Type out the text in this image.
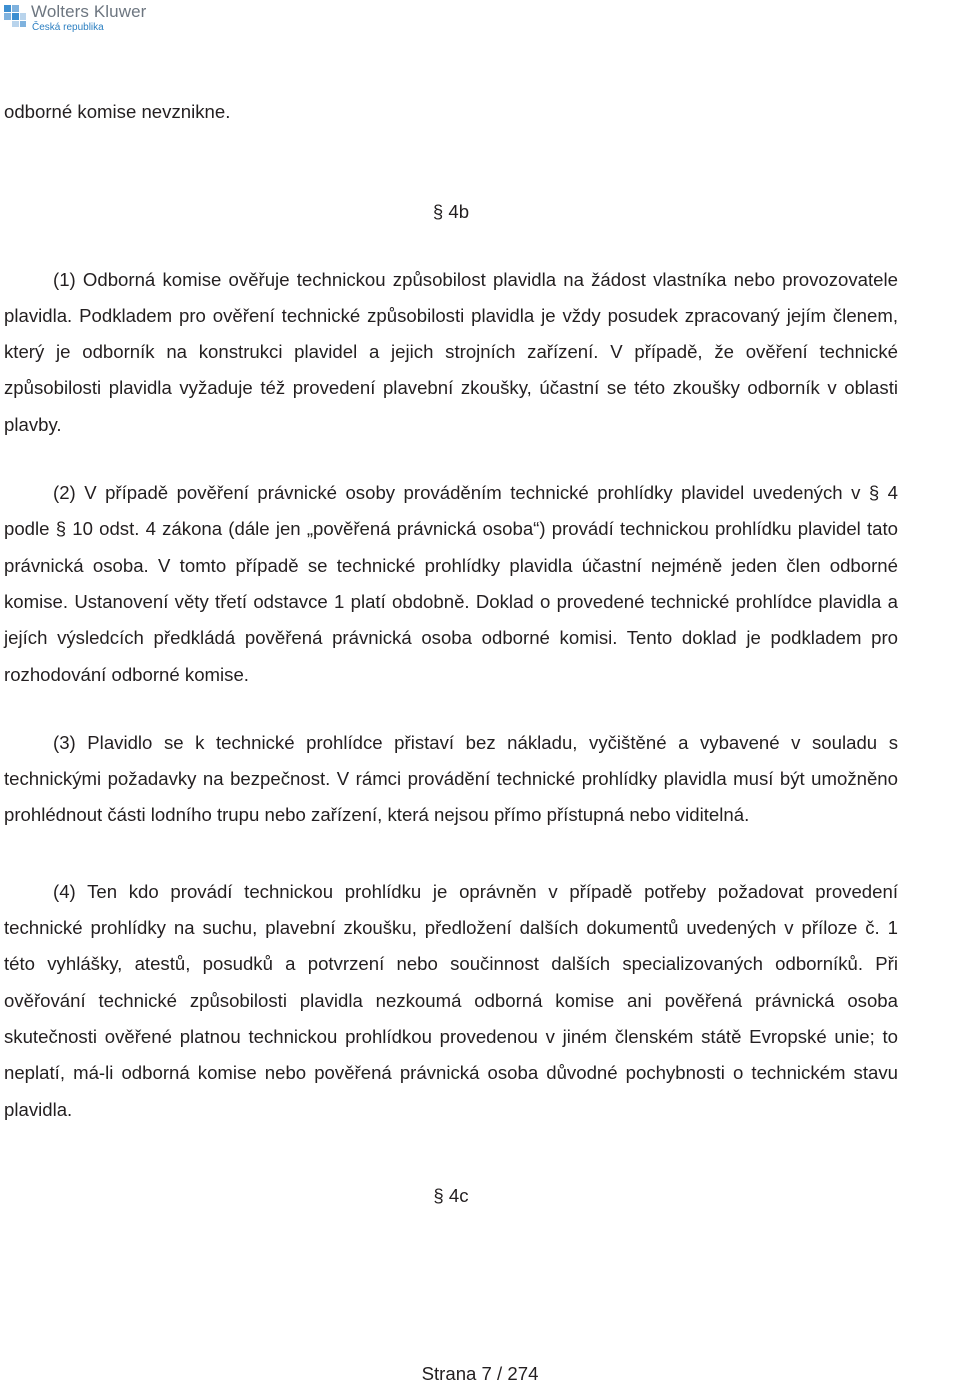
Wolters Kluwer
Česká republika

odborné komise nevznikne.

§ 4b

(1) Odborná komise ověřuje technickou způsobilost plavidla na žádost vlastníka nebo provozovatele plavidla. Podkladem pro ověření technické způsobilosti plavidla je vždy posudek zpracovaný jejím členem, který je odborník na konstrukci plavidel a jejich strojních zařízení. V případě, že ověření technické způsobilosti plavidla vyžaduje též provedení plavební zkoušky, účastní se této zkoušky odborník v oblasti plavby.

(2) V případě pověření právnické osoby prováděním technické prohlídky plavidel uvedených v § 4 podle § 10 odst. 4 zákona (dále jen „pověřená právnická osoba“) provádí technickou prohlídku plavidel tato právnická osoba. V tomto případě se technické prohlídky plavidla účastní nejméně jeden člen odborné komise. Ustanovení věty třetí odstavce 1 platí obdobně. Doklad o provedené technické prohlídce plavidla a jejích výsledcích předkládá pověřená právnická osoba odborné komisi. Tento doklad je podkladem pro rozhodování odborné komise.

(3) Plavidlo se k technické prohlídce přistaví bez nákladu, vyčištěné a vybavené v souladu s technickými požadavky na bezpečnost. V rámci provádění technické prohlídky plavidla musí být umožněno prohlédnout části lodního trupu nebo zařízení, která nejsou přímo přístupná nebo viditelná.

(4) Ten kdo provádí technickou prohlídku je oprávněn v případě potřeby požadovat provedení technické prohlídky na suchu, plavební zkoušku, předložení dalších dokumentů uvedených v příloze č. 1 této vyhlášky, atestů, posudků a potvrzení nebo součinnost dalších specializovaných odborníků. Při ověřování technické způsobilosti plavidla nezkoumá odborná komise ani pověřená právnická osoba skutečnosti ověřené platnou technickou prohlídkou provedenou v jiném členském státě Evropské unie; to neplatí, má-li odborná komise nebo pověřená právnická osoba důvodné pochybnosti o technickém stavu plavidla.

§ 4c

Strana 7 / 274
